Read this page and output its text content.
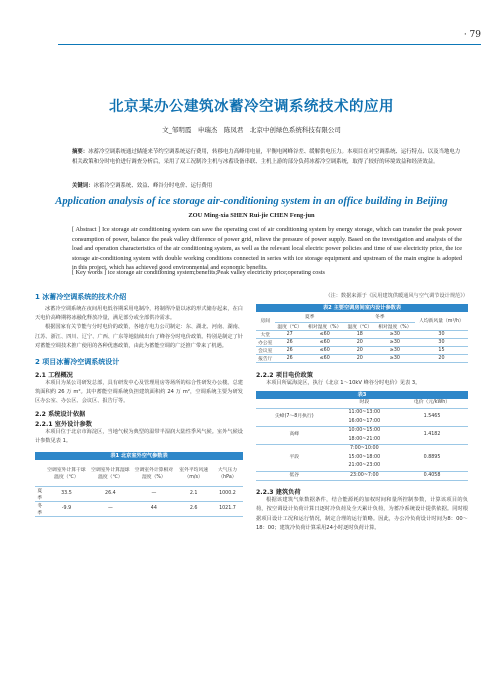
· 79
北京某办公建筑冰蓄冷空调系统技术的应用
文_邹明霞　申瑞杰　陈凤君　北京中创绿色系统科技有限公司
摘要：冰蓄冷空调系统通过储能来节约空调系统运行费用，转移电力高峰用电量，平衡电网峰谷差、缓解供电压力。本项目在对空调系统、运行特点、以及当地电力相关政策和分时电价进行调查分析后，采用了双工况制冷主机与冰蓄设备串联、主机上游的部分负荷冰蓄冷空调系统，取得了较好的环境效益和经济效益。
关键词：冰蓄冷空调系统、效益、峰谷分时电价、运行费用
Application analysis of ice storage air-conditioning system in an office building in Beijing
ZOU Ming-xia SHEN Rui-jie CHEN Feng-jun
[ Abstract ] Ice storage air conditioning system can save the operating cost of air conditioning system by energy storage, which can transfer the peak power consumption of power, balance the peak valley difference of power grid, relieve the pressure of power supply. Based on the investigation and analysis of the load and operation characteristics of the air conditioning system, as well as the relevant local electric power policies and time of use electricity price, the ice storage air-conditioning system with double working conditions connected in series with ice storage equipment and upstream of the main engine is adopted in this project, which has achieved good environmental and economic benefits.
[ Key words ] ice storage air conditioning system;benefits;Peak valley electricity price;operating costs
1 冰蓄冷空调系统的技术介绍
冰蓄冷空调系统在夜间用电低谷期采用电制冷，将制得冷量以冰的形式储存起来，在白天电价高峰期将冰融化释放冷量，满足部分或全部供冷需求。
根据国家有关节能与分时电价的政策，各地方电力公司制定：东、湖北、河南、湖南、江苏、浙江、四川、辽宁、广西、广东等地陆续出台了峰谷分时电价政策。特别是制定了针对蓄能空调技术推广使用的各种优惠政策，由此为蓄能空调的广泛推广带来了机遇。
2 项目冰蓄冷空调系统设计
2.1 工程概况
本项目为某公司研发总部，具有研发中心及管理用房等场所的综合性研发办公楼。总建筑面积约 26 万 m²。其中蓄能空调系统负担建筑面积约 24 万 m²，空调系统主要为研发区办公室、办公区、会议区、报告厅等。
2.2 系统设计依据
2.2.1 室外设计参数
本项目位于北京市海淀区，当地气候为典型的温带半湿润大陆性季风气候。室外气候设计参数见表 1。
表1 北京室外空气参数表
	空调室外计算干球温度（℃）	空调室外计算湿球温度（℃）	空调室外计算相对湿度（%）	室外平均风速（m/s）	大气压力（hPa）
夏季	33.5	26.4	—	2.1	1000.2
冬季	-9.9	—	44	2.6	1021.7
（注：数据来源于《民用建筑供暖通风与空气调节设计规范》）
表2 主要空调房间室内设计参数表
房间	夏季		冬季		人均新风量（m³/h）
	温度（℃）	相对湿度（%）	温度（℃）	相对湿度（%）	
大堂	27	≤60	18	≥30	30
办公室	26	≤60	20	≥30	30
会议室	26	≤60	20	≥30	15
报告厅	26	≤60	20	≥30	20
2.2.2 项目电价政策
本项目所属海淀区，执行《北京 1～10kV 峰谷分时电价》见表 3。
表3
	时段	电价（元/kWh）
尖峰(7～8月执行)	11:00~13:00
16:00~17:00	1.5465
高峰	10:00~15:00
18:00~21:00	1.4182
平段	7:00~10:00
15:00~18:00
21:00~23:00	0.8895
低谷	23:00~7:00	0.4058
2.2.3 建筑负荷
根据该建筑气象数据条件，结合能源耗的加权时间和量所控制参数，计算该项目的负荷，按空调设计负荷计算日逐时冷负荷及全天累计负荷，为蓄冷系统设计提供依据。同时根据项目设计工况和运行情况，制定合理的运行策略。因此，办公冷负荷设计时间为8：00～18：00；建筑冷负荷计算采用24小时逐时负荷计算。
